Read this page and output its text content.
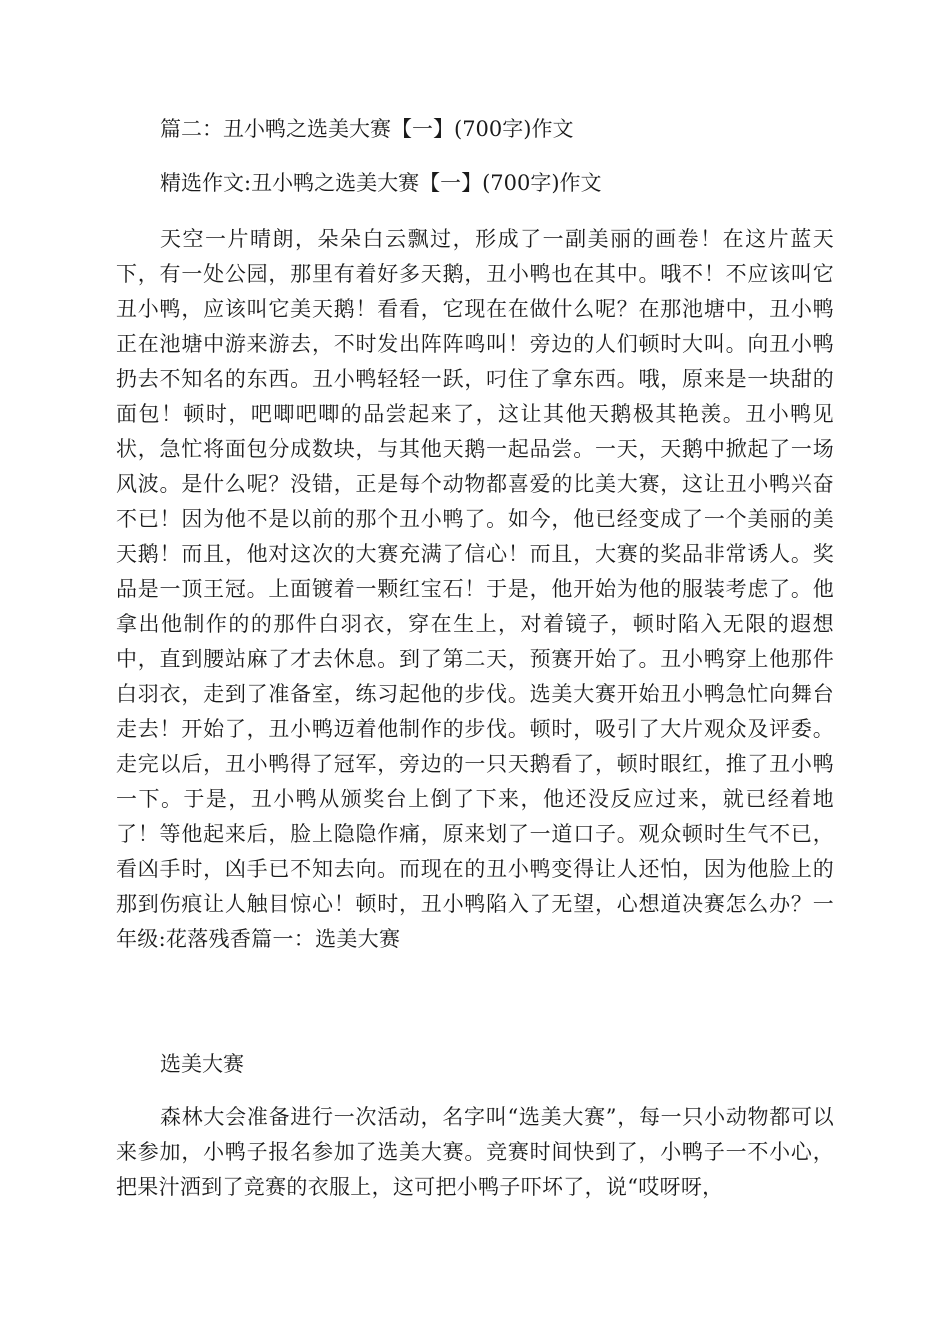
篇二：丑小鸭之选美大赛【一】(700字)作文

精选作文:丑小鸭之选美大赛【一】(700字)作文

天空一片晴朗，朵朵白云飘过，形成了一副美丽的画卷！在这片蓝天下，有一处公园，那里有着好多天鹅，丑小鸭也在其中。哦不！不应该叫它丑小鸭，应该叫它美天鹅！看看，它现在在做什么呢？在那池塘中，丑小鸭正在池塘中游来游去，不时发出阵阵鸣叫！旁边的人们顿时大叫。向丑小鸭扔去不知名的东西。丑小鸭轻轻一跃，叼住了拿东西。哦，原来是一块甜的面包！顿时，吧唧吧唧的品尝起来了，这让其他天鹅极其艳羡。丑小鸭见状，急忙将面包分成数块，与其他天鹅一起品尝。一天，天鹅中掀起了一场风波。是什么呢？没错，正是每个动物都喜爱的比美大赛，这让丑小鸭兴奋不已！因为他不是以前的那个丑小鸭了。如今，他已经变成了一个美丽的美天鹅！而且，他对这次的大赛充满了信心！而且，大赛的奖品非常诱人。奖品是一顶王冠。上面镀着一颗红宝石！于是，他开始为他的服装考虑了。他拿出他制作的的那件白羽衣，穿在生上，对着镜子，顿时陷入无限的遐想中，直到腰站麻了才去休息。到了第二天，预赛开始了。丑小鸭穿上他那件白羽衣，走到了准备室，练习起他的步伐。选美大赛开始丑小鸭急忙向舞台走去！开始了，丑小鸭迈着他制作的步伐。顿时，吸引了大片观众及评委。走完以后，丑小鸭得了冠军，旁边的一只天鹅看了，顿时眼红，推了丑小鸭一下。于是，丑小鸭从颁奖台上倒了下来，他还没反应过来，就已经着地了！等他起来后，脸上隐隐作痛，原来划了一道口子。观众顿时生气不已，看凶手时，凶手已不知去向。而现在的丑小鸭变得让人还怕，因为他脸上的那到伤痕让人触目惊心！顿时，丑小鸭陷入了无望，心想道决赛怎么办？一年级:花落残香篇一：选美大赛

选美大赛

森林大会准备进行一次活动，名字叫“选美大赛”，每一只小动物都可以来参加，小鸭子报名参加了选美大赛。竞赛时间快到了，小鸭子一不小心，把果汁洒到了竞赛的衣服上，这可把小鸭子吓坏了，说“哎呀呀，
